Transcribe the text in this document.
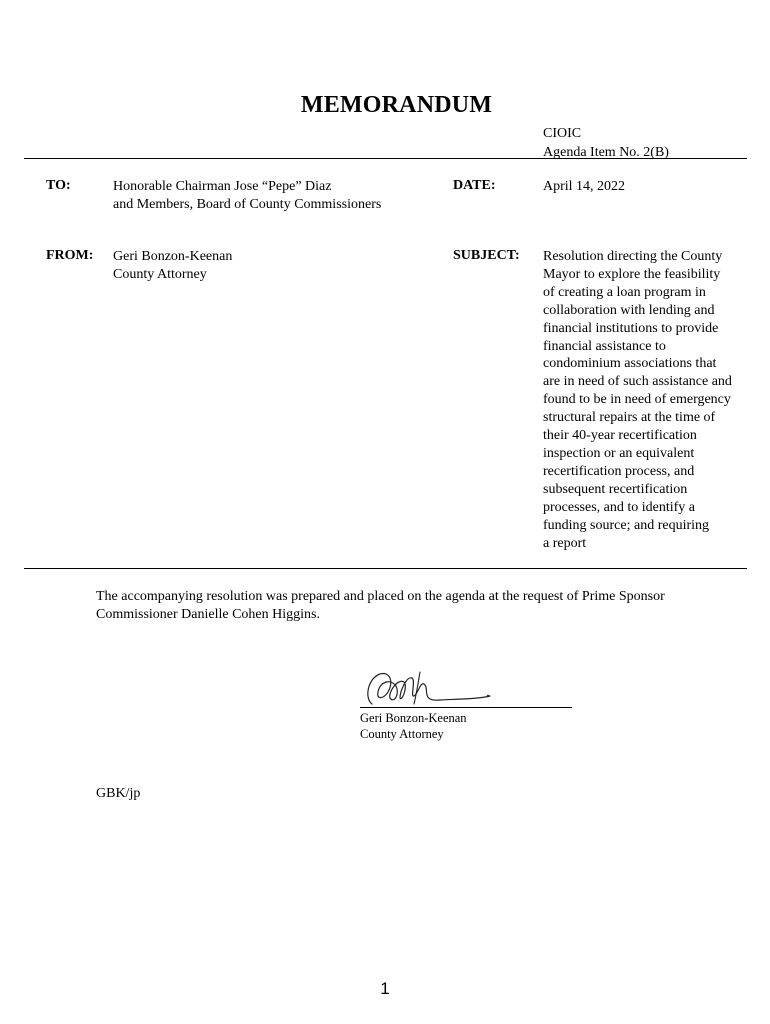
MEMORANDUM
CIOIC
Agenda Item No. 2(B)
TO:	Honorable Chairman Jose “Pepe” Diaz
and Members, Board of County Commissioners
DATE:	April 14, 2022
FROM: Geri Bonzon-Keenan
County Attorney
SUBJECT: Resolution directing the County
Mayor to explore the feasibility
of creating a loan program in
collaboration with lending and
financial institutions to provide
financial assistance to
condominium associations that
are in need of such assistance and
found to be in need of emergency
structural repairs at the time of
their 40-year recertification
inspection or an equivalent
recertification process, and
subsequent recertification
processes, and to identify a
funding source; and requiring
a report
The accompanying resolution was prepared and placed on the agenda at the request of Prime Sponsor
Commissioner Danielle Cohen Higgins.
Geri Bonzon-Keenan
County Attorney
GBK/jp
1
